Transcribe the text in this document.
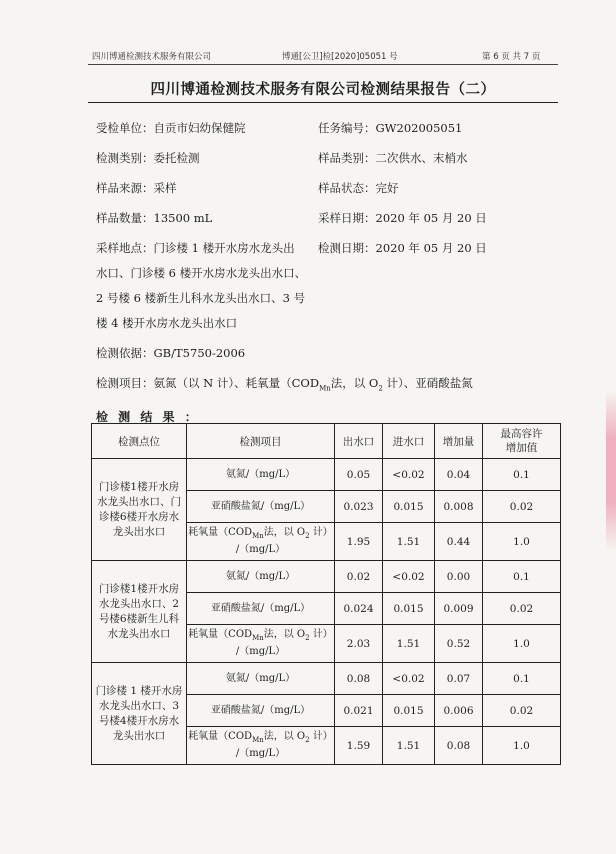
四川博通检测技术服务有限公司	博通[公卫]检[2020]05051 号	第 6 页 共 7 页
四川博通检测技术服务有限公司检测结果报告（二）
受检单位：自贡市妇幼保健院	任务编号：GW202005051
检测类别：委托检测	样品类别：二次供水、末梢水
样品来源：采样	样品状态：完好
样品数量：13500 mL	采样日期：2020 年 05 月 20 日
采样地点：门诊楼 1 楼开水房水龙头出
水口、门诊楼 6 楼开水房水龙头出水口、
2 号楼 6 楼新生儿科水龙头出水口、3 号
楼 4 楼开水房水龙头出水口
检测日期：2020 年 05 月 20 日
检测依据：GB/T5750-2006
检测项目：氨氮（以 N 计）、耗氧量（$COD_{Mn}$法，以 $O_2$ 计）、亚硝酸盐氮
检 测 结 果 ：
检测点位	检测项目	出水口	进水口	增加量	最高容许
增加值
门诊楼1楼开水房
水龙头出水口、门
诊楼6楼开水房水
龙头出水口	氨氮/（mg/L）	0.05	<0.02	0.04	0.1
	亚硝酸盐氮/（mg/L）	0.023	0.015	0.008	0.02
	耗氧量（$COD_{Mn}$法，以 $O_2$ 计）
/（mg/L）	1.95	1.51	0.44	1.0
门诊楼1楼开水房
水龙头出水口、2
号楼6楼新生儿科
水龙头出水口	氨氮/（mg/L）	0.02	<0.02	0.00	0.1
	亚硝酸盐氮/（mg/L）	0.024	0.015	0.009	0.02
	耗氧量（$COD_{Mn}$法，以 $O_2$ 计）
/（mg/L）	2.03	1.51	0.52	1.0
门诊楼 1 楼开水房
水龙头出水口、3
号楼4楼开水房水
龙头出水口	氨氮/（mg/L）	0.08	<0.02	0.07	0.1
	亚硝酸盐氮/（mg/L）	0.021	0.015	0.006	0.02
	耗氧量（$COD_{Mn}$法，以 $O_2$ 计）
/（mg/L）	1.59	1.51	0.08	1.0
